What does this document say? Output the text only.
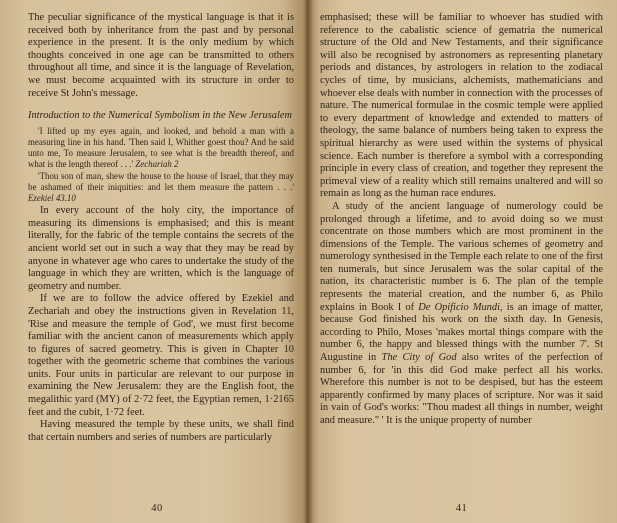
The peculiar significance of the mystical language is that it is received both by inheritance from the past and by personal experience in the present. It is the only medium by which thoughts conceived in one age can be transmitted to others throughout all time, and since it is the language of Revelation, we must become acquainted with its structure in order to receive St John's message.

Introduction to the Numerical Symbolism in the New Jerusalem

'I lifted up my eyes again, and looked, and behold a man with a measuring line in his hand. 'Then said I, Whither goest thou? And he said unto me, To measure Jerusalem, to see what is the breadth thereof, and what is the length thereof . . .' Zechariah 2

'Thou son of man, shew the house to the house of Israel, that they may be ashamed of their iniquities: and let them measure the pattern . . .' Ezekiel 43.10

In every account of the holy city, the importance of measuring its dimensions is emphasised; and this is meant literally, for the fabric of the temple contains the secrets of the ancient world set out in such a way that they may be read by anyone in whatever age who cares to undertake the study of the language in which they are written, which is the language of geometry and number.

If we are to follow the advice offered by Ezekiel and Zechariah and obey the instructions given in Revelation 11, 'Rise and measure the temple of God', we must first become familiar with the ancient canon of measurements which apply to figures of sacred geometry. This is given in Chapter 10 together with the geometric scheme that combines the various units. Four units in particular are relevant to our purpose in examining the New Jerusalem: they are the English foot, the megalithic yard (MY) of 2·72 feet, the Egyptian remen, 1·2165 feet and the cubit, 1·72 feet.

Having measured the temple by these units, we shall find that certain numbers and series of numbers are particularly

40

emphasised; these will be familiar to whoever has studied with reference to the cabalistic science of gematria the numerical structure of the Old and New Testaments, and their significance will also be recognised by astronomers as representing planetary periods and distances, by astrologers in relation to the zodiacal cycles of time, by musicians, alchemists, mathematicians and whoever else deals with number in connection with the processes of nature. The numerical formulae in the cosmic temple were applied to every department of knowledge and extended to matters of theology, the same balance of numbers being taken to express the spiritual hierarchy as were used within the systems of physical science. Each number is therefore a symbol with a corresponding principle in every class of creation, and together they represent the primeval view of a reality which still remains unaltered and will so remain as long as the human race endures.

A study of the ancient language of numerology could be prolonged through a lifetime, and to avoid doing so we must concentrate on those numbers which are most prominent in the dimensions of the Temple. The various schemes of geometry and numerology synthesised in the Temple each relate to one of the first ten numerals, but since Jerusalem was the solar capital of the nation, its characteristic number is 6. The plan of the temple represents the material creation, and the number 6, as Philo explains in Book I of De Opificio Mundi, is an image of matter, because God finished his work on the sixth day. In Genesis, according to Philo, Moses 'makes mortal things compare with the number 6, the happy and blessed things with the number 7'. St Augustine in The City of God also writes of the perfection of number 6, for 'in this did God make perfect all his works. Wherefore this number is not to be despised, but has the esteem apparently confirmed by many places of scripture. Nor was it said in vain of God's works: "Thou madest all things in number, weight and measure." ' It is the unique property of number

41
